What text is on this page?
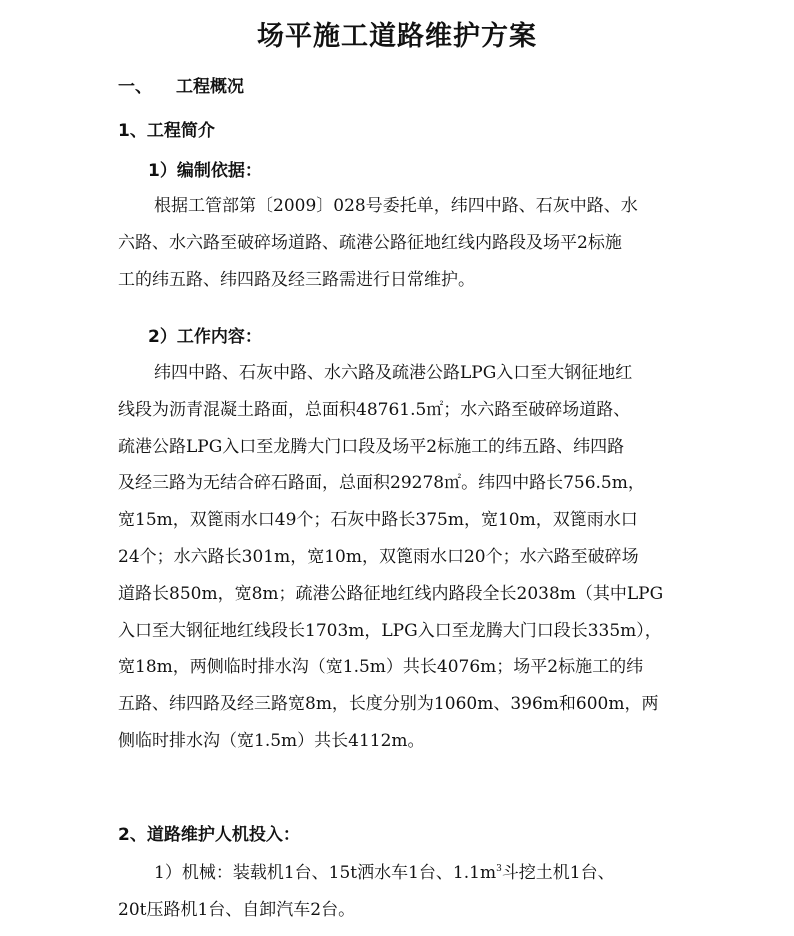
场平施工道路维护方案
一、 工程概况
1、工程简介
1）编制依据：
根据工管部第〔2009〕028号委托单，纬四中路、石灰中路、水
六路、水六路至破碎场道路、疏港公路征地红线内路段及场平2标施
工的纬五路、纬四路及经三路需进行日常维护。
2）工作内容：
纬四中路、石灰中路、水六路及疏港公路LPG入口至大钢征地红
线段为沥青混凝土路面，总面积48761.5㎡；水六路至破碎场道路、
疏港公路LPG入口至龙腾大门口段及场平2标施工的纬五路、纬四路
及经三路为无结合碎石路面，总面积29278㎡。纬四中路长756.5m，
宽15m，双篦雨水口49个；石灰中路长375m，宽10m，双篦雨水口
24个；水六路长301m，宽10m，双篦雨水口20个；水六路至破碎场
道路长850m，宽8m；疏港公路征地红线内路段全长2038m（其中LPG
入口至大钢征地红线段长1703m，LPG入口至龙腾大门口段长335m），
宽18m，两侧临时排水沟（宽1.5m）共长4076m；场平2标施工的纬
五路、纬四路及经三路宽8m，长度分别为1060m、396m和600m，两
侧临时排水沟（宽1.5m）共长4112m。
2、道路维护人机投入：
1）机械：装载机1台、15t洒水车1台、$1.1m^3$斗挖土机1台、
20t压路机1台、自卸汽车2台。
